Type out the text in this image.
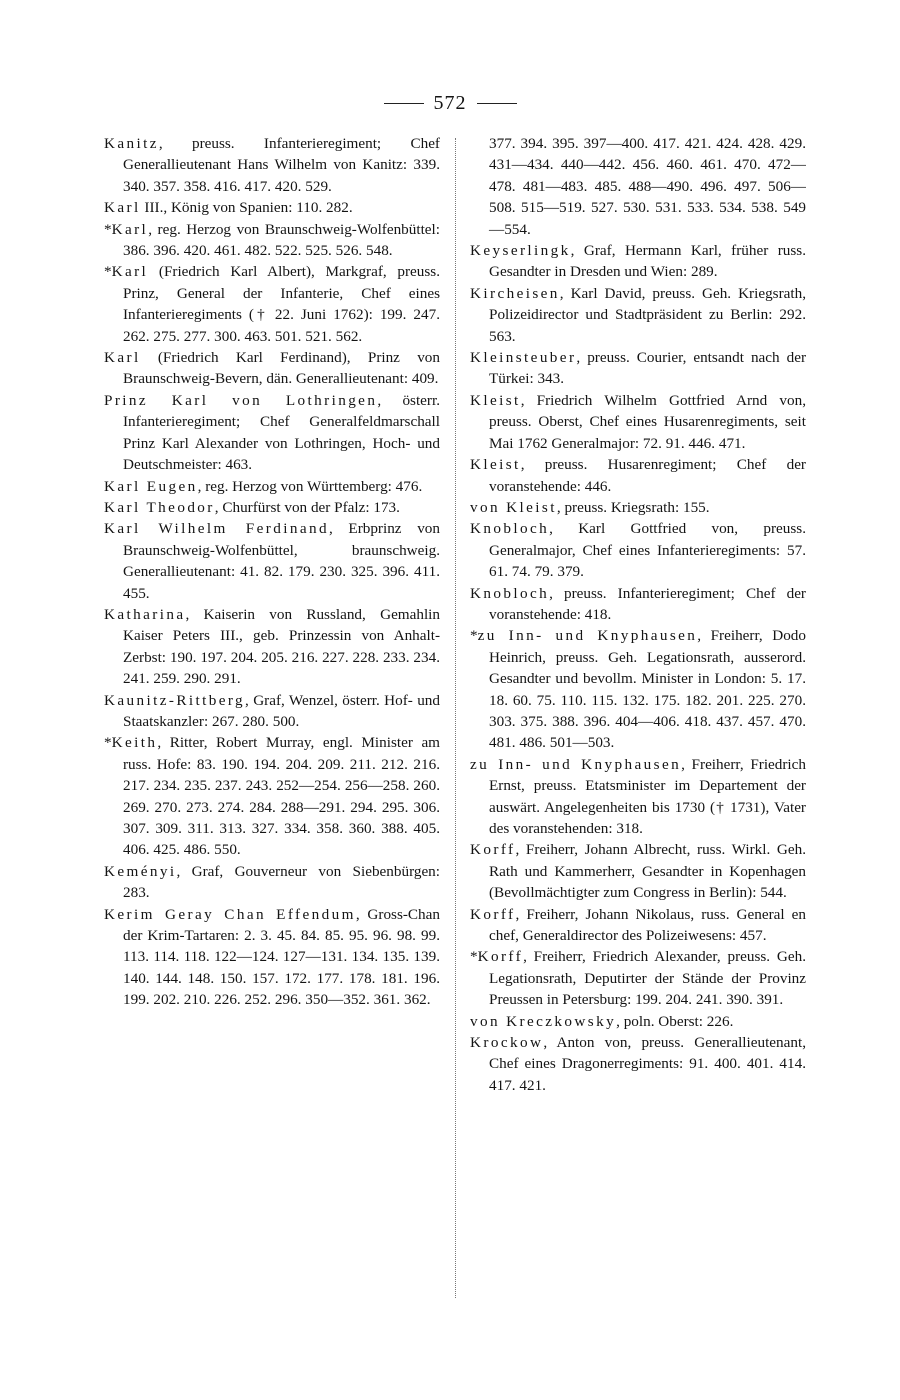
572
Kanitz, preuss. Infanterieregiment; Chef Generallieutenant Hans Wilhelm von Kanitz: 339. 340. 357. 358. 416. 417. 420. 529.
Karl III., König von Spanien: 110. 282.
*Karl, reg. Herzog von Braunschweig-Wolfenbüttel: 386. 396. 420. 461. 482. 522. 525. 526. 548.
*Karl (Friedrich Karl Albert), Markgraf, preuss. Prinz, General der Infanterie, Chef eines Infanterieregiments († 22. Juni 1762): 199. 247. 262. 275. 277. 300. 463. 501. 521. 562.
Karl (Friedrich Karl Ferdinand), Prinz von Braunschweig-Bevern, dän. Generallieutenant: 409.
Prinz Karl von Lothringen, österr. Infanterieregiment; Chef Generalfeldmarschall Prinz Karl Alexander von Lothringen, Hoch- und Deutschmeister: 463.
Karl Eugen, reg. Herzog von Württemberg: 476.
Karl Theodor, Churfürst von der Pfalz: 173.
Karl Wilhelm Ferdinand, Erbprinz von Braunschweig-Wolfenbüttel, braunschweig. Generallieutenant: 41. 82. 179. 230. 325. 396. 411. 455.
Katharina, Kaiserin von Russland, Gemahlin Kaiser Peters III., geb. Prinzessin von Anhalt-Zerbst: 190. 197. 204. 205. 216. 227. 228. 233. 234. 241. 259. 290. 291.
Kaunitz-Rittberg, Graf, Wenzel, österr. Hof- und Staatskanzler: 267. 280. 500.
*Keith, Ritter, Robert Murray, engl. Minister am russ. Hofe: 83. 190. 194. 204. 209. 211. 212. 216. 217. 234. 235. 237. 243. 252—254. 256—258. 260. 269. 270. 273. 274. 284. 288—291. 294. 295. 306. 307. 309. 311. 313. 327. 334. 358. 360. 388. 405. 406. 425. 486. 550.
Keményi, Graf, Gouverneur von Siebenbürgen: 283.
Kerim Geray Chan Effendum, Gross-Chan der Krim-Tartaren: 2. 3. 45. 84. 85. 95. 96. 98. 99. 113. 114. 118. 122—124. 127—131. 134. 135. 139. 140. 144. 148. 150. 157. 172. 177. 178. 181. 196. 199. 202. 210. 226. 252. 296. 350—352. 361. 362.
377. 394. 395. 397—400. 417. 421. 424. 428. 429. 431—434. 440—442. 456. 460. 461. 470. 472—478. 481—483. 485. 488—490. 496. 497. 506—508. 515—519. 527. 530. 531. 533. 534. 538. 549—554.
Keyserlingk, Graf, Hermann Karl, früher russ. Gesandter in Dresden und Wien: 289.
Kircheisen, Karl David, preuss. Geh. Kriegsrath, Polizeidirector und Stadtpräsident zu Berlin: 292. 563.
Kleinsteuber, preuss. Courier, entsandt nach der Türkei: 343.
Kleist, Friedrich Wilhelm Gottfried Arnd von, preuss. Oberst, Chef eines Husarenregiments, seit Mai 1762 Generalmajor: 72. 91. 446. 471.
Kleist, preuss. Husarenregiment; Chef der voranstehende: 446.
von Kleist, preuss. Kriegsrath: 155.
Knobloch, Karl Gottfried von, preuss. Generalmajor, Chef eines Infanterieregiments: 57. 61. 74. 79. 379.
Knobloch, preuss. Infanterieregiment; Chef der voranstehende: 418.
*zu Inn- und Knyphausen, Freiherr, Dodo Heinrich, preuss. Geh. Legationsrath, ausserord. Gesandter und bevollm. Minister in London: 5. 17. 18. 60. 75. 110. 115. 132. 175. 182. 201. 225. 270. 303. 375. 388. 396. 404—406. 418. 437. 457. 470. 481. 486. 501—503.
zu Inn- und Knyphausen, Freiherr, Friedrich Ernst, preuss. Etatsminister im Departement der auswärt. Angelegenheiten bis 1730 († 1731), Vater des voranstehenden: 318.
Korff, Freiherr, Johann Albrecht, russ. Wirkl. Geh. Rath und Kammerherr, Gesandter in Kopenhagen (Bevollmächtigter zum Congress in Berlin): 544.
Korff, Freiherr, Johann Nikolaus, russ. General en chef, Generaldirector des Polizeiwesens: 457.
*Korff, Freiherr, Friedrich Alexander, preuss. Geh. Legationsrath, Deputirter der Stände der Provinz Preussen in Petersburg: 199. 204. 241. 390. 391.
von Kreczkowsky, poln. Oberst: 226.
Krockow, Anton von, preuss. Generallieutenant, Chef eines Dragonerregiments: 91. 400. 401. 414. 417. 421.
